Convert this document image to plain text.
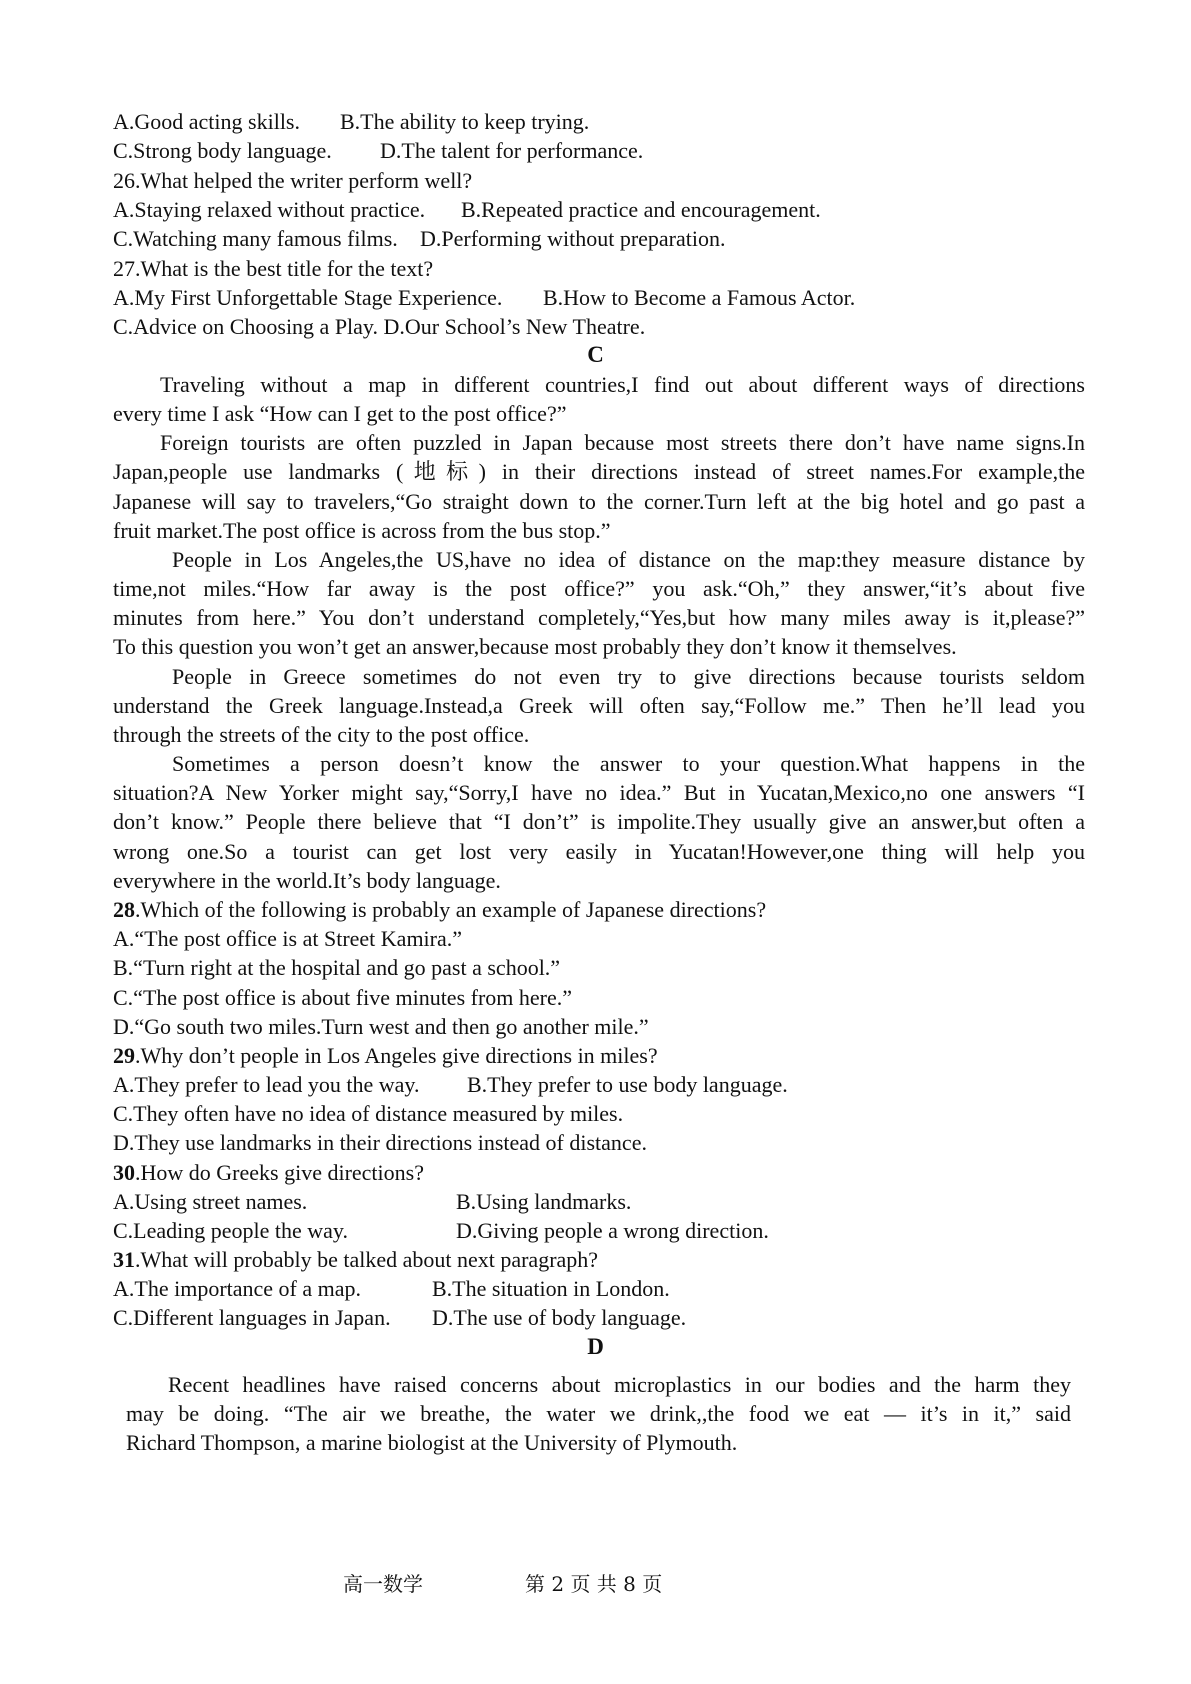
A.Good acting skills. B.The ability to keep trying.
C.Strong body language. D.The talent for performance.
26.What helped the writer perform well?
A.Staying relaxed without practice. B.Repeated practice and encouragement.
C.Watching many famous films. D.Performing without preparation.
27.What is the best title for the text?
A.My First Unforgettable Stage Experience. B.How to Become a Famous Actor.
C.Advice on Choosing a Play. D.Our School’s New Theatre.
C
Traveling without a map in different countries,I find out about different ways of directions
every time I ask “How can I get to the post office?”
Foreign tourists are often puzzled in Japan because most streets there don’t have name signs.In
Japan,people use landmarks (地标) in their directions instead of street names.For example,the
Japanese will say to travelers,“Go straight down to the corner.Turn left at the big hotel and go past a
fruit market.The post office is across from the bus stop.”
People in Los Angeles,the US,have no idea of distance on the map:they measure distance by
time,not miles.“How far away is the post office?” you ask.“Oh,” they answer,“it’s about five
minutes from here.” You don’t understand completely,“Yes,but how many miles away is it,please?”
To this question you won’t get an answer,because most probably they don’t know it themselves.
People in Greece sometimes do not even try to give directions because tourists seldom
understand the Greek language.Instead,a Greek will often say,“Follow me.” Then he’ll lead you
through the streets of the city to the post office.
Sometimes a person doesn’t know the answer to your question.What happens in the
situation?A New Yorker might say,“Sorry,I have no idea.” But in Yucatan,Mexico,no one answers “I
don’t know.” People there believe that “I don’t” is impolite.They usually give an answer,but often a
wrong one.So a tourist can get lost very easily in Yucatan!However,one thing will help you
everywhere in the world.It’s body language.
28.Which of the following is probably an example of Japanese directions?
A.“The post office is at Street Kamira.”
B.“Turn right at the hospital and go past a school.”
C.“The post office is about five minutes from here.”
D.“Go south two miles.Turn west and then go another mile.”
29.Why don’t people in Los Angeles give directions in miles?
A.They prefer to lead you the way. B.They prefer to use body language.
C.They often have no idea of distance measured by miles.
D.They use landmarks in their directions instead of distance.
30.How do Greeks give directions?
A.Using street names.	B.Using landmarks.
C.Leading people the way.	D.Giving people a wrong direction.
31.What will probably be talked about next paragraph?
A.The importance of a map.	B.The situation in London.
C.Different languages in Japan. D.The use of body language.
D
Recent headlines have raised concerns about microplastics in our bodies and the harm they
may be doing. “The air we breathe, the water we drink,,the food we eat — it’s in it,” said
Richard Thompson, a marine biologist at the University of Plymouth.
高一数学	第 2 页 共 8 页
